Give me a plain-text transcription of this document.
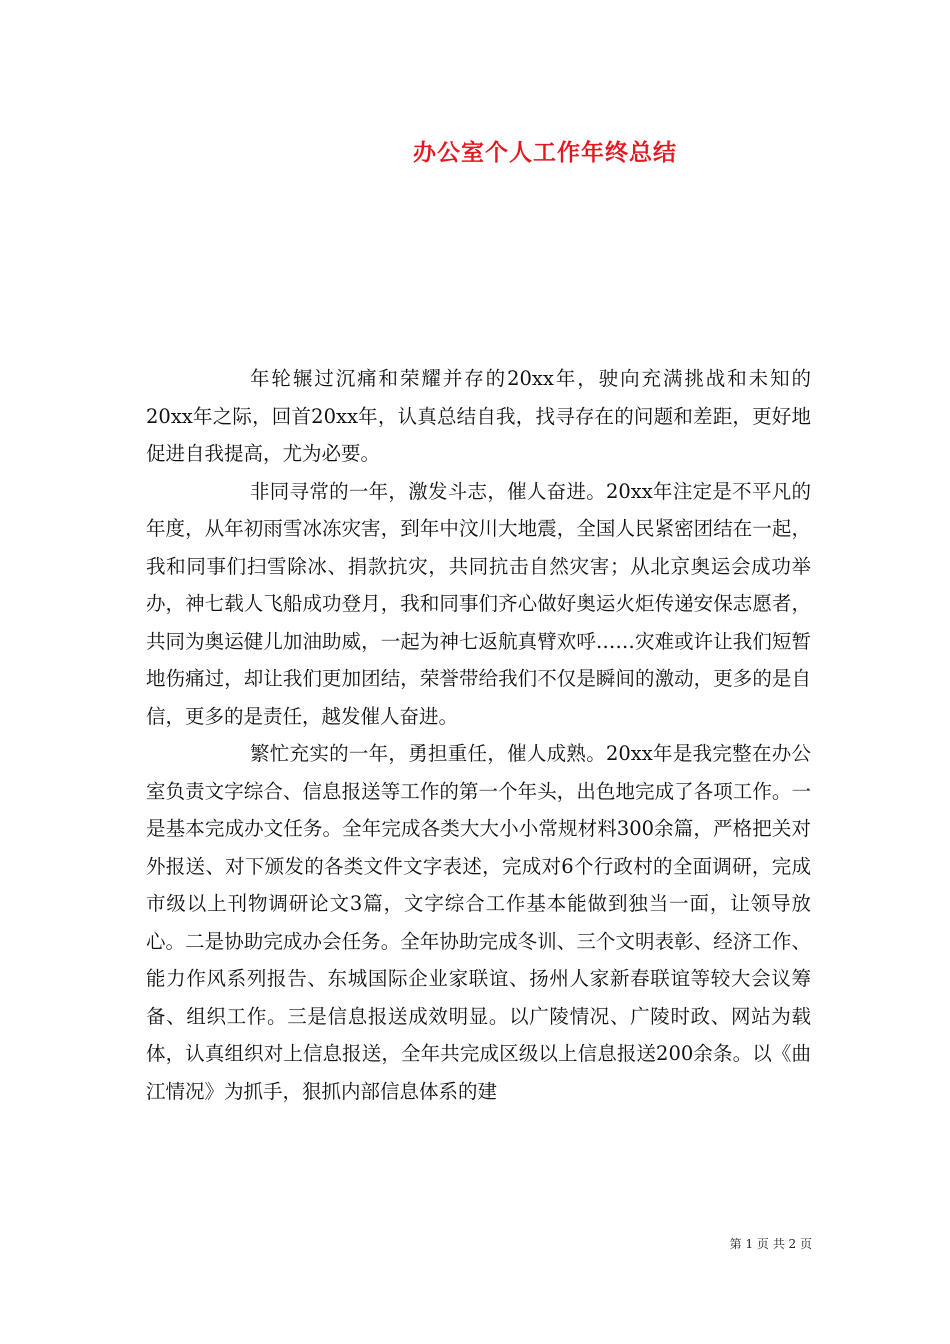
办公室个人工作年终总结

年轮辗过沉痛和荣耀并存的20xx年，驶向充满挑战和未知的20xx年之际，回首20xx年，认真总结自我，找寻存在的问题和差距，更好地促进自我提高，尤为必要。

非同寻常的一年，激发斗志，催人奋进。20xx年注定是不平凡的年度，从年初雨雪冰冻灾害，到年中汶川大地震，全国人民紧密团结在一起，我和同事们扫雪除冰、捐款抗灾，共同抗击自然灾害；从北京奥运会成功举办，神七载人飞船成功登月，我和同事们齐心做好奥运火炬传递安保志愿者，共同为奥运健儿加油助威，一起为神七返航真臂欢呼……灾难或许让我们短暂地伤痛过，却让我们更加团结，荣誉带给我们不仅是瞬间的激动，更多的是自信，更多的是责任，越发催人奋进。

繁忙充实的一年，勇担重任，催人成熟。20xx年是我完整在办公室负责文字综合、信息报送等工作的第一个年头，出色地完成了各项工作。一是基本完成办文任务。全年完成各类大大小小常规材料300余篇，严格把关对外报送、对下颁发的各类文件文字表述，完成对6个行政村的全面调研，完成市级以上刊物调研论文3篇，文字综合工作基本能做到独当一面，让领导放心。二是协助完成办会任务。全年协助完成冬训、三个文明表彰、经济工作、能力作风系列报告、东城国际企业家联谊、扬州人家新春联谊等较大会议筹备、组织工作。三是信息报送成效明显。以广陵情况、广陵时政、网站为载体，认真组织对上信息报送，全年共完成区级以上信息报送200余条。以《曲江情况》为抓手，狠抓内部信息体系的建

第 1 页 共 2 页
